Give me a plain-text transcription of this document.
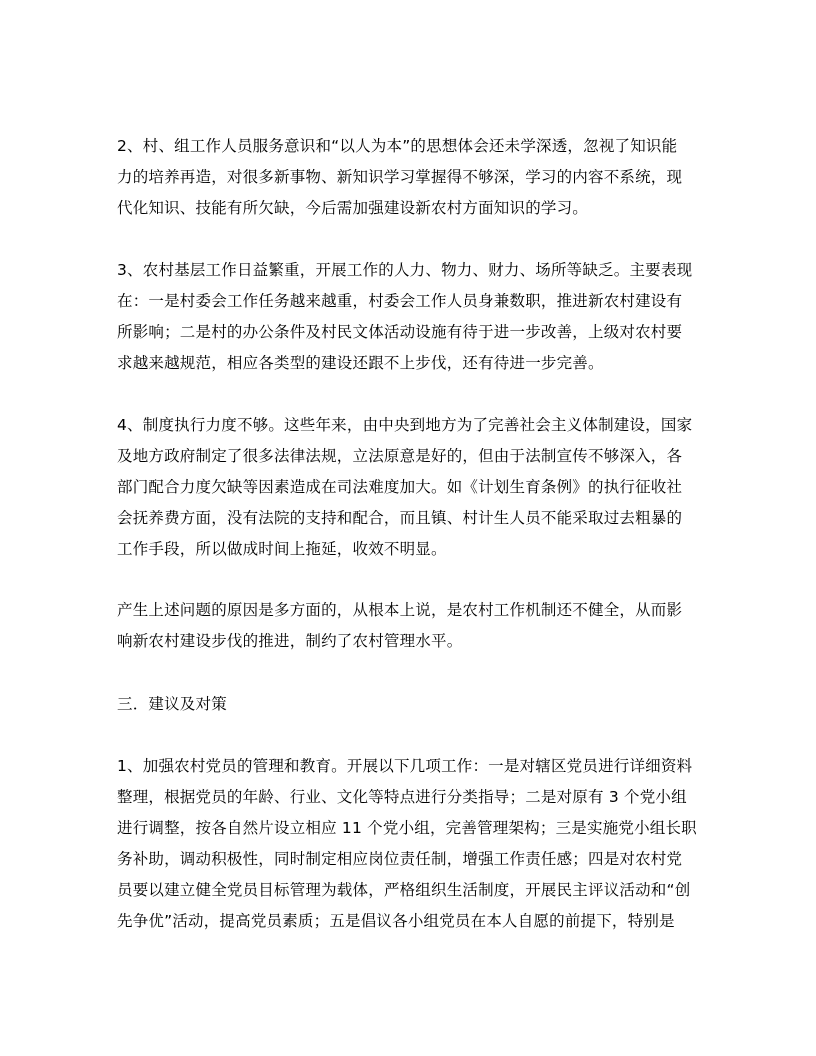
2、村、组工作人员服务意识和“以人为本”的思想体会还未学深透，忽视了知识能
力的培养再造，对很多新事物、新知识学习掌握得不够深，学习的内容不系统，现
代化知识、技能有所欠缺，今后需加强建设新农村方面知识的学习。

3、农村基层工作日益繁重，开展工作的人力、物力、财力、场所等缺乏。主要表现
在：一是村委会工作任务越来越重，村委会工作人员身兼数职，推进新农村建设有
所影响；二是村的办公条件及村民文体活动设施有待于进一步改善，上级对农村要
求越来越规范，相应各类型的建设还跟不上步伐，还有待进一步完善。

4、制度执行力度不够。这些年来，由中央到地方为了完善社会主义体制建设，国家
及地方政府制定了很多法律法规，立法原意是好的，但由于法制宣传不够深入，各
部门配合力度欠缺等因素造成在司法难度加大。如《计划生育条例》的执行征收社
会抚养费方面，没有法院的支持和配合，而且镇、村计生人员不能采取过去粗暴的
工作手段，所以做成时间上拖延，收效不明显。

产生上述问题的原因是多方面的，从根本上说，是农村工作机制还不健全，从而影
响新农村建设步伐的推进，制约了农村管理水平。

三．建议及对策

1、加强农村党员的管理和教育。开展以下几项工作：一是对辖区党员进行详细资料
整理，根据党员的年龄、行业、文化等特点进行分类指导；二是对原有 3 个党小组
进行调整，按各自然片设立相应 11 个党小组，完善管理架构；三是实施党小组长职
务补助，调动积极性，同时制定相应岗位责任制，增强工作责任感；四是对农村党
员要以建立健全党员目标管理为载体，严格组织生活制度，开展民主评议活动和“创
先争优”活动，提高党员素质；五是倡议各小组党员在本人自愿的前提下，特别是
